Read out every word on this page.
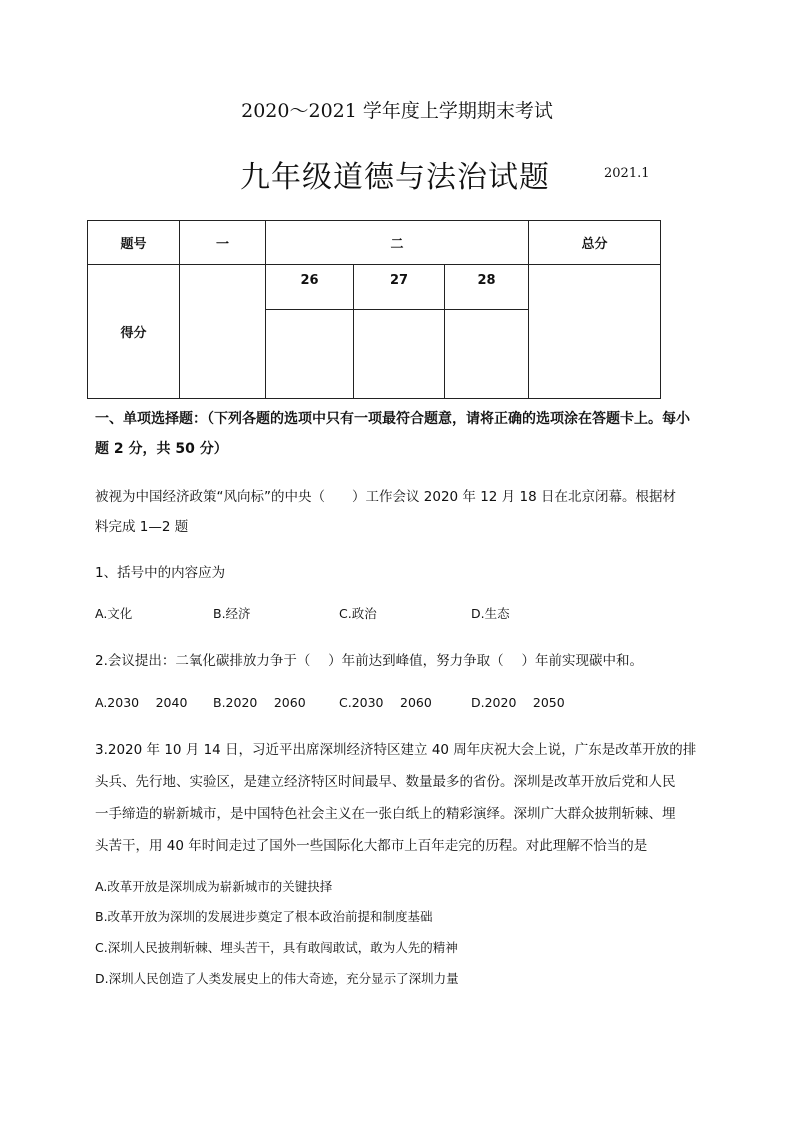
2020～2021 学年度上学期期末考试
九年级道德与法治试题	2021.1
题号	一	二			总分
得分		26	27	28	

一、单项选择题：（下列各题的选项中只有一项最符合题意，请将正确的选项涂在答题卡上。每小
题 2 分，共 50 分）
被视为中国经济政策“风向标”的中央（　　）工作会议 2020 年 12 月 18 日在北京闭幕。根据材
料完成 1—2 题
1、括号中的内容应为
A.文化	B.经济	C.政治	D.生态
2.会议提出：二氧化碳排放力争于（　 ）年前达到峰值，努力争取（　 ）年前实现碳中和。
A.2030　 2040 B.2020　 2060	C.2030　 2060	D.2020　 2050
3.2020 年 10 月 14 日，习近平出席深圳经济特区建立 40 周年庆祝大会上说，广东是改革开放的排
头兵、先行地、实验区，是建立经济特区时间最早、数量最多的省份。深圳是改革开放后党和人民
一手缔造的崭新城市，是中国特色社会主义在一张白纸上的精彩演绎。深圳广大群众披荆斩棘、埋
头苦干，用 40 年时间走过了国外一些国际化大都市上百年走完的历程。对此理解不恰当的是
A.改革开放是深圳成为崭新城市的关键抉择
B.改革开放为深圳的发展进步奠定了根本政治前提和制度基础
C.深圳人民披荆斩棘、埋头苦干，具有敢闯敢试，敢为人先的精神
D.深圳人民创造了人类发展史上的伟大奇迹，充分显示了深圳力量
